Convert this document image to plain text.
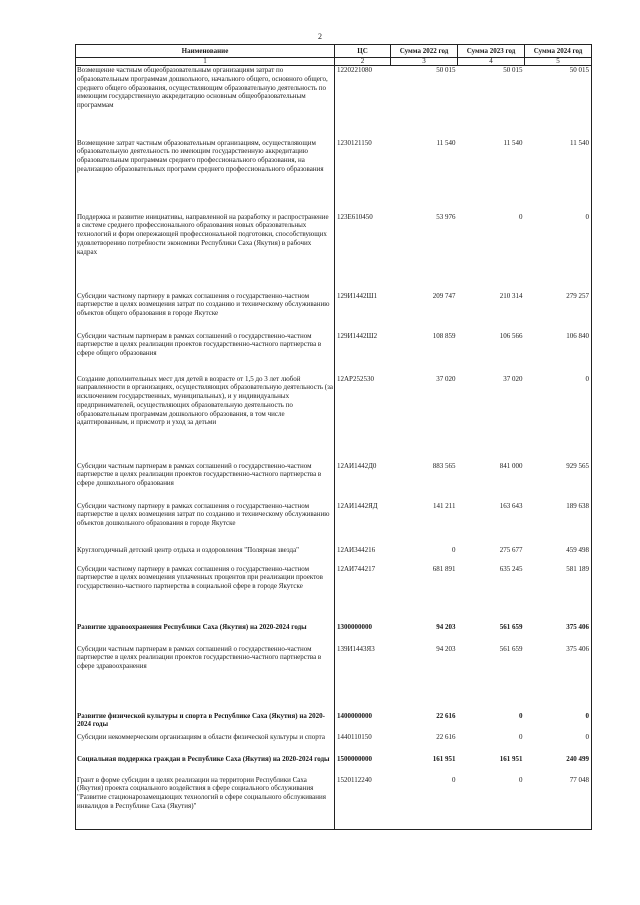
2
Наименование	ЦС	Сумма 2022 год	Сумма 2023 год	Сумма 2024 год
1	2	3	4	5
Возмещение частным общеобразовательным организациям затрат по образовательным программам дошкольного, начального общего, основного общего, среднего общего образования, осуществляющим образовательную деятельность по имеющим государственную аккредитацию основным общеобразовательным программам	1220221080	50 015	50 015	50 015
Возмещение затрат частным образовательным организациям, осуществляющим образовательную деятельность по имеющим государственную аккредитацию образовательным программам среднего профессионального образования, на реализацию образовательных программ среднего профессионального образования	1230121150	11 540	11 540	11 540
Поддержка и развитие инициативы, направленной на разработку и распространение в системе среднего профессионального образования новых образовательных технологий и форм опережающей профессиональной подготовки, способствующих удовлетворению потребности экономики Республики Саха (Якутия) в рабочих кадрах	123E610450	53 976	0	0
Субсидии частному партнеру в рамках соглашения о государственно-частном партнерстве в целях возмещения затрат по созданию и техническому обслуживанию объектов общего образования в городе Якутске	129И1442Ш1	209 747	210 314	279 257
Субсидии частным партнерам в рамках соглашений о государственно-частном партнерстве в целях реализации проектов государственно-частного партнерства в сфере общего образования	129И1442Ш2	108 859	106 566	106 840
Создание дополнительных мест для детей в возрасте от 1,5 до 3 лет любой направленности в организациях, осуществляющих образовательную деятельность (за исключением государственных, муниципальных), и у индивидуальных предпринимателей, осуществляющих образовательную деятельность по образовательным программам дошкольного образования, в том числе адаптированным, и присмотр и уход за детьми	12АР252530	37 020	37 020	0
Субсидии частным партнерам в рамках соглашений о государственно-частном партнерстве в целях реализации проектов государственно-частного партнерства в сфере дошкольного образования	12АИ1442Д0	883 565	841 000	929 565
Субсидии частному партнеру в рамках соглашения о государственно-частном партнерстве в целях возмещения затрат по созданию и техническому обслуживанию объектов дошкольного образования в городе Якутске	12АИ1442ЯД	141 211	163 643	189 638
Круглогодичный детский центр отдыха и оздоровления "Полярная звезда"	12АИ344216	0	275 677	459 498
Субсидии частному партнеру в рамках соглашения о государственно-частном партнерстве в целях возмещения уплаченных процентов при реализации проектов государственно-частного партнерства в социальной сфере в городе Якутске	12АИ744217	681 891	635 245	581 189
Развитие здравоохранения Республики Саха (Якутия) на 2020-2024 годы	1300000000	94 203	561 659	375 406
Субсидии частным партнерам в рамках соглашений о государственно-частном партнерстве в целях реализации проектов государственно-частного партнерства в сфере здравоохранения	139И1443Я3	94 203	561 659	375 406
Развитие физической культуры и спорта в Республике Саха (Якутия) на 2020-2024 годы	1400000000	22 616	0	0
Субсидии некоммерческим организациям в области физической культуры и спорта	1440110150	22 616	0	0
Социальная поддержка граждан в Республике Саха (Якутия) на 2020-2024 годы	1500000000	161 951	161 951	240 499
Грант в форме субсидии в целях реализации на территории Республики Саха (Якутия) проекта социального воздействия в сфере социального обслуживания "Развитие стационарозамещающих технологий в сфере социального обслуживания инвалидов в Республике Саха (Якутия)"	1520112240	0	0	77 048
